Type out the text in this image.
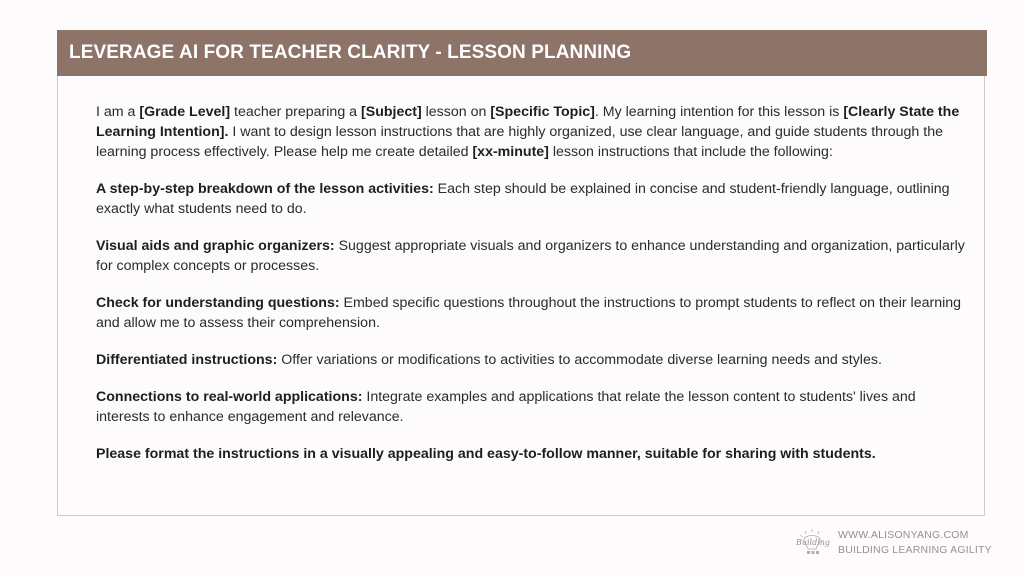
LEVERAGE AI FOR TEACHER CLARITY - LESSON PLANNING

I am a [Grade Level] teacher preparing a [Subject] lesson on [Specific Topic]. My learning intention for this lesson is [Clearly State the Learning Intention]. I want to design lesson instructions that are highly organized, use clear language, and guide students through the learning process effectively. Please help me create detailed [xx-minute] lesson instructions that include the following:

A step-by-step breakdown of the lesson activities: Each step should be explained in concise and student-friendly language, outlining exactly what students need to do.

Visual aids and graphic organizers: Suggest appropriate visuals and organizers to enhance understanding and organization, particularly for complex concepts or processes.

Check for understanding questions: Embed specific questions throughout the instructions to prompt students to reflect on their learning and allow me to assess their comprehension.

Differentiated instructions: Offer variations or modifications to activities to accommodate diverse learning needs and styles.

Connections to real-world applications: Integrate examples and applications that relate the lesson content to students' lives and interests to enhance engagement and relevance.

Please format the instructions in a visually appealing and easy-to-follow manner, suitable for sharing with students.

Building
WWW.ALISONYANG.COM
BUILDING LEARNING AGILITY
